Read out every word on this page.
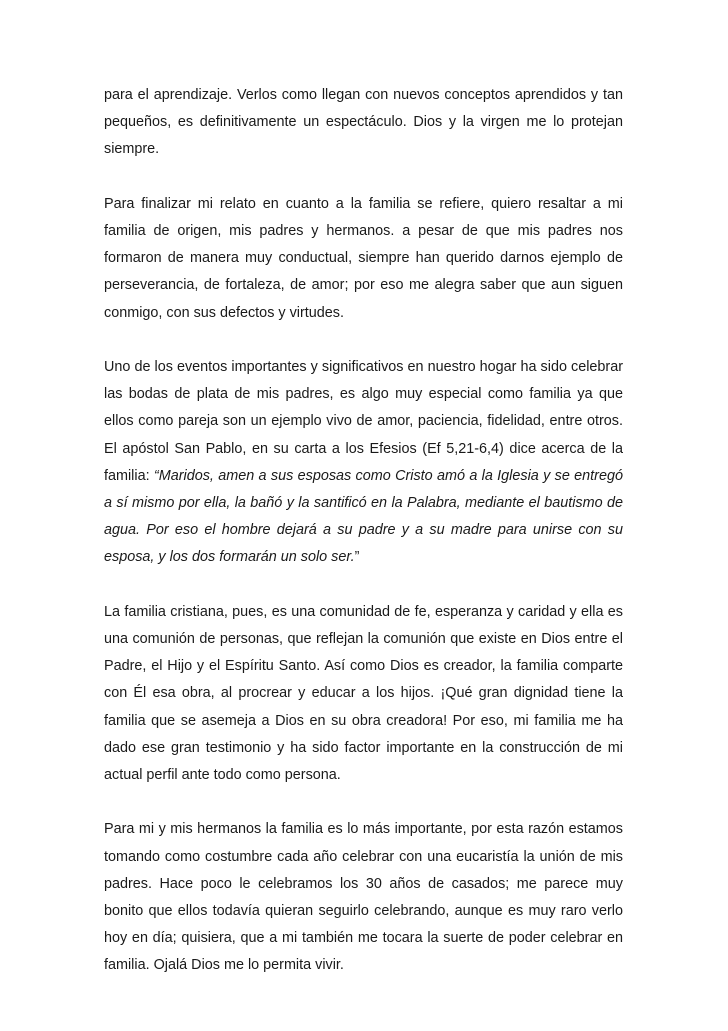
para el aprendizaje. Verlos como llegan con nuevos conceptos aprendidos y tan pequeños, es definitivamente un espectáculo. Dios y la virgen me lo protejan siempre.

Para finalizar mi relato en cuanto a la familia se refiere, quiero resaltar a mi familia de origen, mis padres y hermanos. a pesar de que mis padres nos formaron de manera muy conductual, siempre han querido darnos ejemplo de perseverancia, de fortaleza, de amor; por eso me alegra saber que aun siguen conmigo, con sus defectos y virtudes.

Uno de los eventos importantes y significativos en nuestro hogar ha sido celebrar las bodas de plata de mis padres, es algo muy especial como familia ya que ellos como pareja son un ejemplo vivo de amor, paciencia, fidelidad, entre otros. El apóstol San Pablo, en su carta a los Efesios (Ef 5,21-6,4) dice acerca de la familia: “Maridos, amen a sus esposas como Cristo amó a la Iglesia y se entregó a sí mismo por ella, la bañó y la santificó en la Palabra, mediante el bautismo de agua. Por eso el hombre dejará a su padre y a su madre para unirse con su esposa, y los dos formarán un solo ser.”

La familia cristiana, pues, es una comunidad de fe, esperanza y caridad y ella es una comunión de personas, que reflejan la comunión que existe en Dios entre el Padre, el Hijo y el Espíritu Santo. Así como Dios es creador, la familia comparte con Él esa obra, al procrear y educar a los hijos. ¡Qué gran dignidad tiene la familia que se asemeja a Dios en su obra creadora! Por eso, mi familia me ha dado ese gran testimonio y ha sido factor importante en la construcción de mi actual perfil ante todo como persona.

Para mi y mis hermanos la familia es lo más importante, por esta razón estamos tomando como costumbre cada año celebrar con una eucaristía la unión de mis padres. Hace poco le celebramos los 30 años de casados; me parece muy bonito que ellos todavía quieran seguirlo celebrando, aunque es muy raro verlo hoy en día; quisiera, que a mi también me tocara la suerte de poder celebrar en familia. Ojalá Dios me lo permita vivir.
